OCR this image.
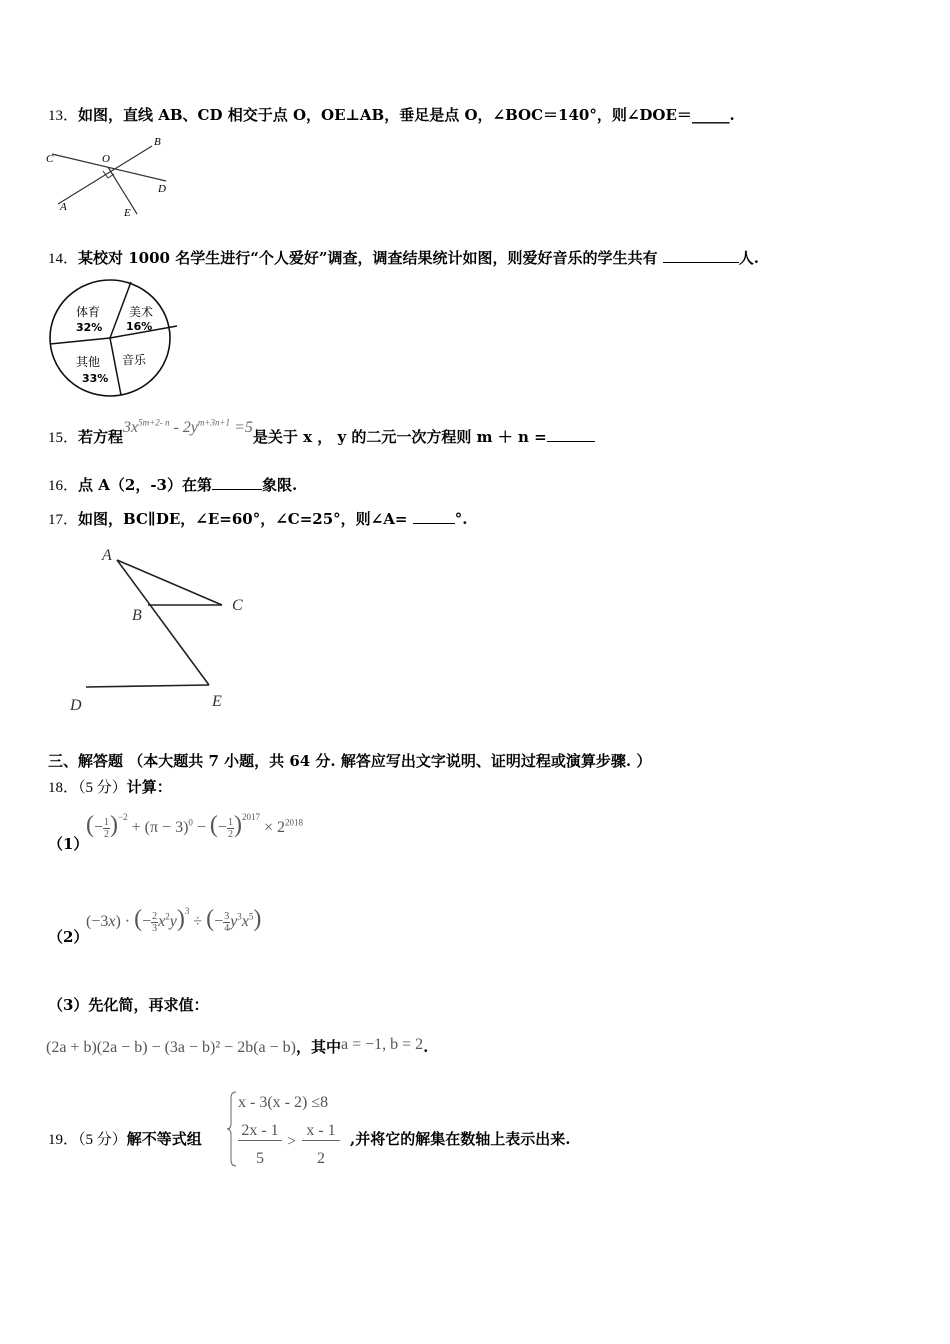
13．如图，直线 AB、CD 相交于点 O，OE⊥AB，垂足是点 O，∠BOC＝140°，则∠DOE＝_____.
C	O
B
D
A	E
14．某校对 1000 名学生进行“个人爱好”调查，调查结果统计如图，则爱好音乐的学生共有	人.
体育
32%
美术
16%
其他
33%
音乐
15．若方程$3x^{5m+2- n} - 2y^{m+3n+1} =5$是关于 x ， y 的二元一次方程则 m ＋ n =
16．点 A（2，-3）在第	象限.
17．如图，BC∥DE，∠E=60°，∠C=25°，则∠A=	°.
A
B
C
D	E
三、解答题 （本大题共 7 小题，共 64 分. 解答应写出文字说明、证明过程或演算步骤. ）
18．（5 分）计算：
（1）
(− $\frac{1}{2} )^{-2} + (\pi - 3)^0$ − (− $\frac{1}{2} )^{2017} \times 2^{2018}$
（2）
(−3x) · (− $\frac{2}{3} x^2y)^3$ ÷ (− $\frac{3}{4} y^3x^5$)
（3）先化简，再求值：
(2a + b)(2a − b) − (3a − b)² − 2b(a − b)，其中a = −1, b = 2.
19．（5 分）解不等式组
x - 3(x - 2) ≤8
2x - 1
5
>
x - 1
2
,并将它的解集在数轴上表示出来.
